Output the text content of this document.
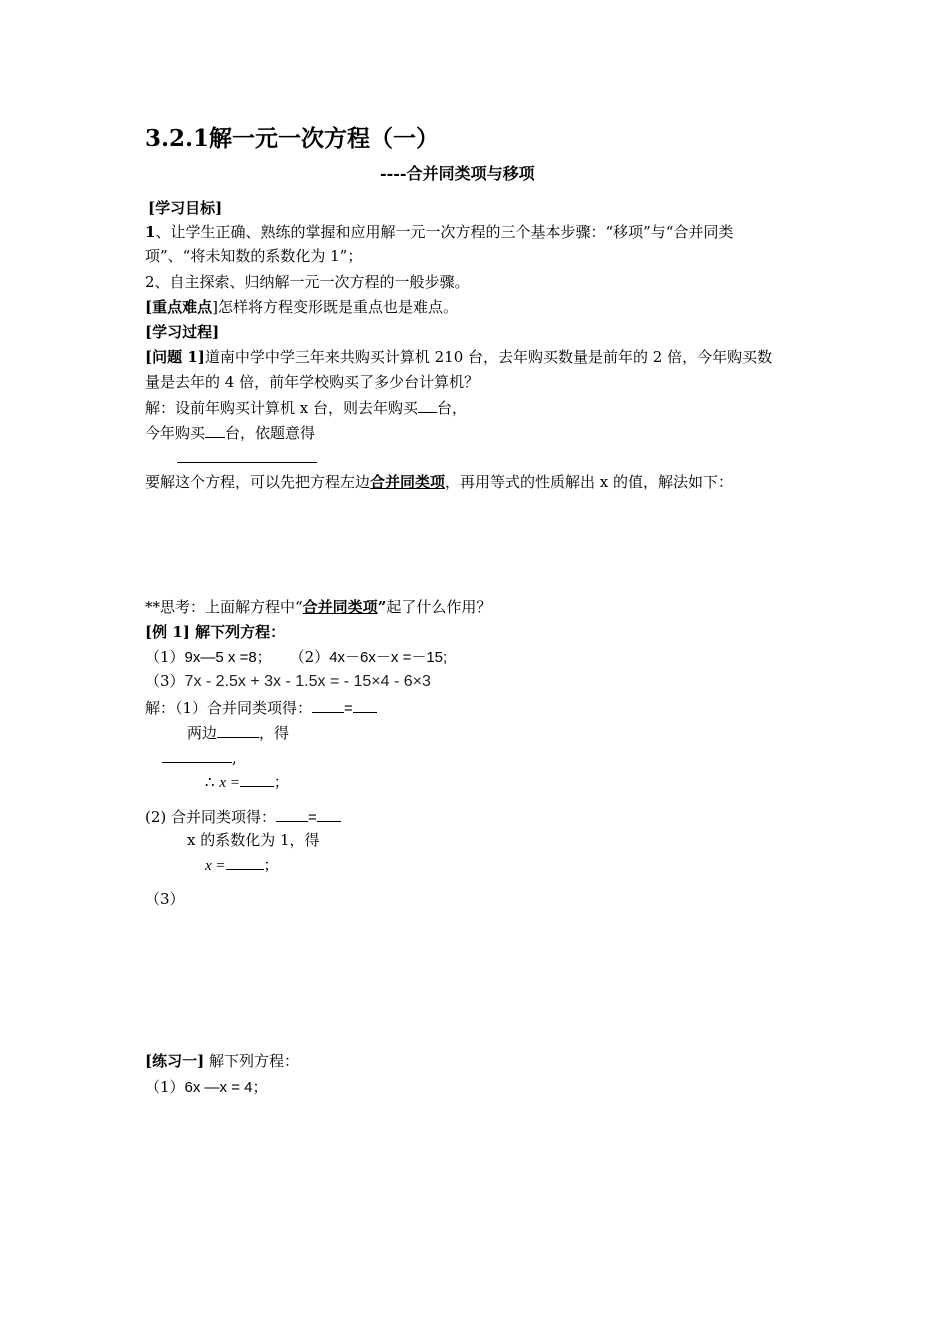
3.2.1解一元一次方程（一）
----合并同类项与移项
[学习目标]
1、让学生正确、熟练的掌握和应用解一元一次方程的三个基本步骤：“移项”与“合并同类
项”、“将未知数的系数化为 1”；
2、自主探索、归纳解一元一次方程的一般步骤。
[重点难点]怎样将方程变形既是重点也是难点。
[学习过程]
[问题 1]道南中学中学三年来共购买计算机 210 台，去年购买数量是前年的 2 倍，今年购买数
量是去年的 4 倍，前年学校购买了多少台计算机？
解：设前年购买计算机 x 台，则去年购买 台，
今年购买 台，依题意得
要解这个方程，可以先把方程左边合并同类项，再用等式的性质解出 x 的值，解法如下：
**思考：上面解方程中“合并同类项”起了什么作用？
[例 1] 解下列方程：
（1）9x—5 x =8； （2）4x－6x－x =－15;
（3）7x - 2.5x + 3x - 1.5x = - 15×4 - 6×3
解：（1）合并同类项得： =
两边	，得
,
∴ x = ；
(2) 合并同类项得： =
x 的系数化为 1，得
x =	；
（3）
[练习一] 解下列方程：
（1）6x —x = 4；
